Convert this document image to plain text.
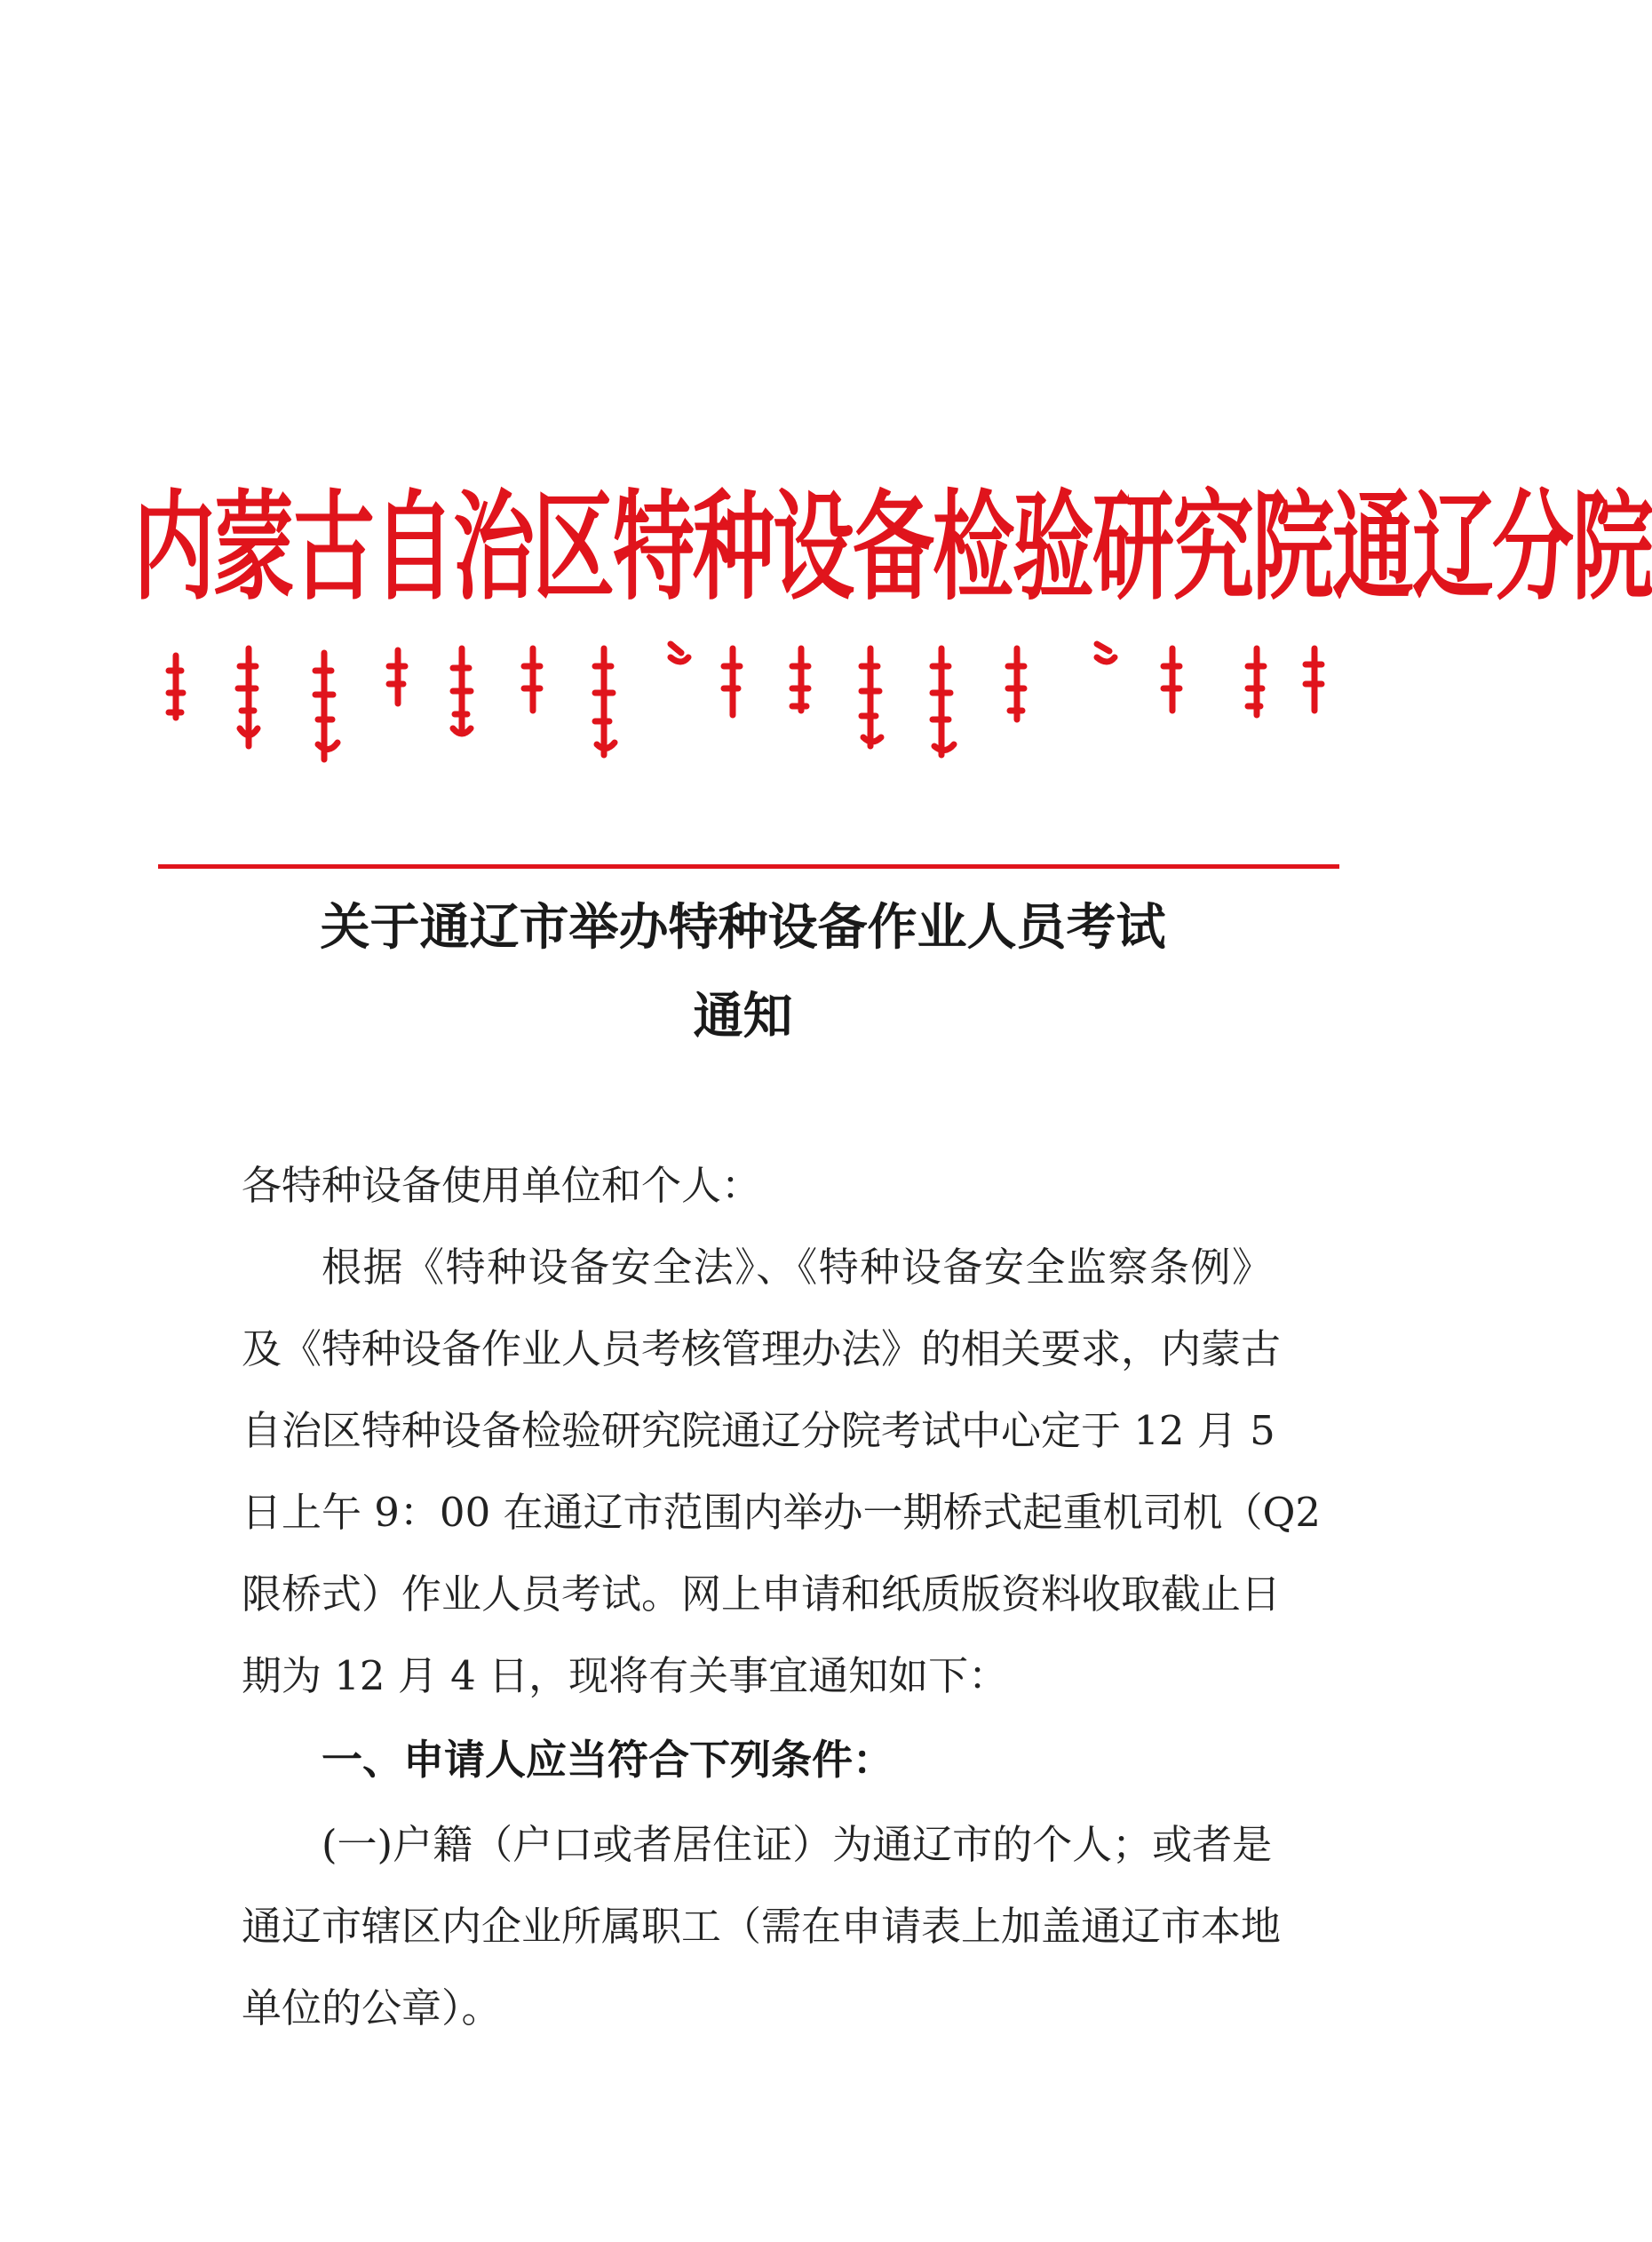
内蒙古自治区特种设备检验研究院通辽分院
关于通辽市举办特种设备作业人员考试
通知
各特种设备使用单位和个人：
根据《特种设备安全法》、《特种设备安全监察条例》
及《特种设备作业人员考核管理办法》的相关要求，内蒙古
自治区特种设备检验研究院通辽分院考试中心定于 12 月 5
日上午 9：00 在通辽市范围内举办一期桥式起重机司机（Q2
限桥式）作业人员考试。网上申请和纸质版资料收取截止日
期为 12 月 4 日，现将有关事宜通知如下：
一、申请人应当符合下列条件：
(一)户籍（户口或者居住证）为通辽市的个人；或者是
通辽市辖区内企业所属职工（需在申请表上加盖通辽市本地
单位的公章）。
